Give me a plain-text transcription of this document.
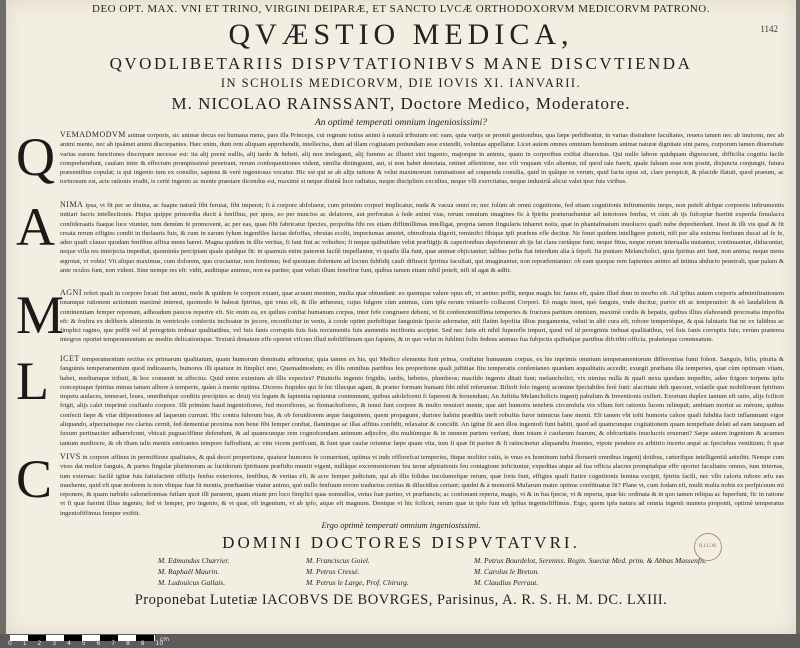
1142
DEO OPT. MAX. VNI ET TRINO, VIRGINI DEIPARÆ, ET SANCTO LVCÆ ORTHODOXORVM MEDICORVM PATRONO.
QVÆSTIO MEDICA,
QVODLIBETARIIS DISPVTATIONIBVS MANE DISCVTIENDA
IN SCHOLIS MEDICORVM, DIE IOVIS XI. IANVARII.
M. NICOLAO RAINSSANT, Doctore Medico, Moderatore.
An optimè temperati omnium ingeniosissimi?
Q VEMADMODVM animæ corporis, sic animæ decus est humana mens, pars illa Princeps, cui regnum totius animi à naturâ tributum est: eam, quia varijs se promit gestionibus, qua fæpe perhibentur, in varias distrahere facultates, reuera tamen nec ab inuicem, nec ab animi mente, nec ab ipsâmet animi discrepantes. Hæc enim, dum rem aliquam apprehendit, intellectus, dum ad illam cogitatam potiundam sese extendit, voluntas appellatur. Licet autem omnes omnium hominum animæ naturæ dignitate sint pares, corporum tamen diuersitate varias earum functiones discrepare necesse est: ita alij prenè nullis, alij tardo & hebeti, alij non ineleganti, alij fummo ac illustri sint ingenio, majorque in animis, quam in corporibus exiftat diuersitas. Qui nullo labore quidquam dignoscunt, difficilia cognitu facile comprehendunt, caufam inter & effectum promptissimè penetrant, rerum confequentiones vident, similia distinguunt, aut, si non habet denotata, retinet affentione, nec vili vnquam vilo alientur, nil quod tale fuerit, quale falsum esse non postit, disjuncta conjungit, futura præsentibus copulat; is qui ingenio tum ex consilio, sapiens & verè ingeniosus vocatur. Hic est qui se ab alijs ratione & velut maximorum ruminatione ad coquenda consilia, quid in quâque re verum, quid factu opus sit, clare perspicit, & placide flatuit, quod praeum, ac tortuosum est, acie rationis eradit, is certè ingenio ac mente præstare dicendus est, maximè si neque diuinâ luce radiatus, neque disciplinis excultus, neque vlli exercitatus, neque industriâ alicui valet ipse fuis viribus.
A NIMA ipsa, vt fit per se diuina, ac fuapte naturâ fibi feruiat, fibi imperet; fi à corpore abfolueur, cum primùm corpori implicatur, nuda & vacua omni re; nec folùm ab omni cognitione, fed etiam cognitionis inftrumentis inops, non poteft abfque corporeis inftrumentis initiari facris intellectionis. Hujus quippe primordia ducit à fenfibus, per quos, eo per nuncios ac delatores, aut perforatas à fede animi vias, rerum omnium imagines fic à fpiritu præteruehuntur ad interiores fenfus, vt cùm ab ijs fufceptæ fuerint expenfa fimulacra confideraatis fuaque luce vtuntur, tum demùm fe promovent, ac per eas, quas fibi fabricatur fpecies, propofita fibi res etiam diffimillimas intelligat, propria tamen fingularis inhæret notis, quæ in phantafmatum inuolucro quafi nube depreherdant. Inest & illi vis quaf & fit creata rerum effigies condit in thefauris fuis, & cum in earum fylum ingenfiles factas defoffas, obrutas ecolit, imperiumas amotet, obtruibrata digerit, reminifci fibique ipfi præfens efle decitur. Ne fenet quidem intelligere poterit, nifi per alia externa fenfuum ducat ad fe fe, adeo quafi clauso quodam fenfibus affixa mens hæret. Magna quidem in illis veritas, fi fani fint ac vobuftes; fi neque quibufdam velut præftigijs & caperionibus depofeumur ab ijs fat clara certâque funt; neque fitus, neque rerum interualla mutantur, continuantur, diducuntur, neque villa res interjecta impediat, quominùs percipiant quale quidque fit: in quamuis enim paterent facilè impellantur, vt quafis illa funt, quæ animæ objiciantur; talibus pofia fiat interdum alia à fepsfi. Ita puntare Melancholici, quia fpiritus atri funt, non anima; neque mens ægrotat, vt vobis! Vit aliquo maximus, cum dolorem, quo cruciantur, non fentimus; fed quoniam dolentem ad locum fubfidij caufi diftracti fpiritus facultati, qui imaginantur, non repræfentantur: ob eam quoque rem fapientes animo ad intima abducto penetrali, quæ palam & ante oculos funt, non vident. Sine nempe res eft: vidit, audiitque animus, non ea pariter, quæ veluti illum fenefiræ funt, quibus tamen etiam nihil poteft, nifi id agat & adfit.
M
AGNI refert quali in corpore locati fint animi, mole & quidem fe corpore extant, quæ acuunt mentem, multa quæ obtundant: eo quemque valere opus eft, vt animo poffit, neque magis hic fanus eft, quàm illud dum in morbo eft. Ad ipfius autem corporis adminiftrationem totamque rationem actionum maximè interest, quomodo fe habeat fpiritus, qui vnus eft, & ille æthereus, cujus fulgore cùm animus, cùm ipfa rerum vniuerfo collucent Corpori. Eò magis inest, quò fanguis, vnde ducitur, purior eft ac temperatior: & eò laudabilem & continentiam femper reponunt, adhoudum paucos reperire eft. Sic enim ea, ex quibus conftat humanum corpus, inter fefe congruere debent, vt fit confenzientiffima temperies & fructura partium omnium, maximè cordis & hepatis, quibus illius elaborandi procreatia impofita eft: & fruftra ex deliberis alimentis in ventriculo confectis inchoatur in jecore, reconficitur in venis, à corde optim perfeftique fanguinis fpecie adornatur, nifi flatim lepofita illius purgamenta, veluti in altè cura eft, robore temperiéque, & quà falutaris fiat ne ex faltibus ac fimplici ragino, que poffit vel id peregrinis imbuat qualitatibus, vel fuis fanis corruptis fuis fuis nocumentis fuis aumentis incifionis accipiet. Sed nec fatis eft nihil fuperefle impuri, quod vel id peregrinis imbuat qualitatibus, vel fuis fanis corruptis fuis; verùm præterea integros oportet temperamentum ac mediis delicationique. Texturâ donatum effe oportet vifcum illud nobiliffimum quo fapiens, & in quo velut in fublimi folio fedens animus fua fubjectis quibufque partibus difcribit officia, prabeteque commeatum.
L ICET temperamentum rectius ex primarum qualitatum, quam humorum dominatu æftimetur, quia tamen ex his, qui Medico elementa funt prima, conftatur humanum corpus, ex his inprimis omnium temperamentorum differentias fumi folent. Sanguis, bilis, pituita & fanguinis temperamentum quod indicaueris, humores illi quatuor in fimplici uno, Quemadmodum; ex illis omnibus partibus feu proportione quali juftitiae fitu temperatis confentaneo quædam æqualitatis accedit; exurgit præftans illa temperies, quæ cùm optimam vitam, habet, mediumque tribuit, & hoc conuenit in affectus. Quid enim eximium ab illis expectes? Pituitofis ingenio frigidis, tardis, hebetes, plumbeos; macildo ingenio ditati funt; melancholici, vix nimius nulla & quafi nexu quodam impedito, adeo frigore torpens ipfis conceptuque fpiritus minus tamen albore à temperie, quàm à mente optima. Diceres ftupides qui fe hic illucque agant, & præter formam humani fibi nihil referuntur. Bilioft folo ingenij acumine fpectabiles ferè funt: alacritate delt quecunt, volatile quæ mobiliorum fpiritum impetu audaces, temerari, leues, omnibufque conftiis precipites ac deuij vix legum & fapientia rapiuntur contemnunt, quibus adolefcenti fi faperent & feruendum; An Jufitiia Melancholicis ingenij pabulum & Inventionis oxifert. Exortum duplex tantum eft ratio, alijs fcilicet frigit, alijs calet imprimè craffanlo corpore. Illi primùm haud ingeniofiores, fed morofiores, ac ftomachofiores, & tenui funt corpore & multo renuiori mente, que atri humoris tenebris circumfufa vix vllum fert rationis lucem relinquit; ambiam mortui ac mèrum, quibus confecti fæpe & vitæ difperationes ad laqueum currunt. Hic contra fulerunt bus, & ob feruidiorem æque fanguinem, quem propagune, duriore habitu præditis ineft robuftis furor inimicus fane menti. Eft tamen vbi tofti humoris calore quafi fubdita facti inflammant vigor aliquando, afpectatisque res clarius cernit, fed dementiæ proxima non bene fibi femper conftat, flaminque ac illas affitus confidit, relaxatur & concidit. An igitur fit aeri illos ingeniofi funt habiti, quod ad quamcunque cogitationem quam tempeftate delati ad eam tanquam ad fuxum pertinaciter adhærefcunt, vbicaii puguaciffime defendunt, & ad quamcunque rem cognofcendam animum adjecêre, diu multùmque & in omnem partem verfant, dum totam è caufarum fuarum, & obfcuritatis inuolucris eruerunt? Sæpe autem ingenium & acumen tantum mediocre, & ob iftam talis mentis emicantes tempore fuffodiunt, ac vim vicem perifcunt, & funt quæ caufæ oriuntur fæpe quam vita, tum fi quæ fit pariter & fi ratiocinetur aliquandiu fruentes, vtpote pendere ex arbitrio incerto æquè ac fpeciebus ventitium; fi quæ
C VIVS in corpore affines in permiftione qualitates, & quâ decet proportione, quatuor humores fe conuertunt, optima vt inde efflorefcat temperies, fitque moliior cutis, is vnus ex hominum turbâ floruerit omnibus ingenij dotibus, cæterifque intelligentiâ anteibit. Nempe cum vires dat melior fanguis, & partes fingulæ plurimorum ac lucidorum fpirituum præfidio muniit vigent, nullâque excrementorum feu terræ afpirationis feu contagione inficiuntur, expeditas atque ad fua officia alacres promptafque effe oportet facultates omnes, tum internas, tum externas: facilè igitur fuis fatisfacient officijs fenfus exteriores, fenfibus, & veritas eft, & acre femper judicium, qui ab illis folidas incolumefque rerum, quæ foris funt, effigies quafi fiatire cognitionis femina excipit, fpiritu facili, nec vllo caloris rubore æfu eas inuehente, quid eft quæ mobrem is non vbique fuæ fit mentis, præftantiae vtatur animo, quò nullo fenfuum errore traductus certius & dilucidius certant; quidni & à memoriâ Mufarum matre optime conftituatur fit? Plane vt, cum fodam eft, multi multa nobis ex perfpicuum mi reponere, & quam turbido caloræfonmas fuilam quot illi pararent, quam etiam pro loco fimplici quas nonnullos, vnius fuæ pariter, vt præftancis; ac confonant reperta, magis, vt & in fua fpecie, vt & reperta, quæ hic ordinata & in quo tamen reliqua ac fuperfunt, fic in ratione vt fi quæ fuerint illius ingenio, fed vt femper, pro ingenio, & vt quæ, eft ingenium, vt ab ipfo, atque eft magnum. Denique vt hic fcilicet, rerum quæ in ipfo funt eft ipfius ingeniofiffimus. Ergo, quem ipfa natura ad omnia ingenii munera proponit, optimè temperatus ingeniofiffimus femper exiftit.
Ergo optimè temperati omnium ingeniosissimi.
DOMINI DOCTORES DISPVTATVRI.
M. Edmundus Charrier.
M. Raphaël Maurin.
M. Ludouicus Gallais.
M. Franciscus Goiel.
M. Petrus Cressé.
M. Petrus le Large, Prof. Chirurg.
M. Petrus Bourdelot, Sereniss. Regin. Sueciæ Med. prim. & Abbas Massenfis.
M. Carolus le Breton.
M. Claudius Perraut.
B.I.U.M.
Proponebat Lutetiæ IACOBVS DE BOVRGES, Parisinus, A. R. S. H. M. DC. LXIII.
0 1 2 3 4 5 6 7 8 9 10
cm
